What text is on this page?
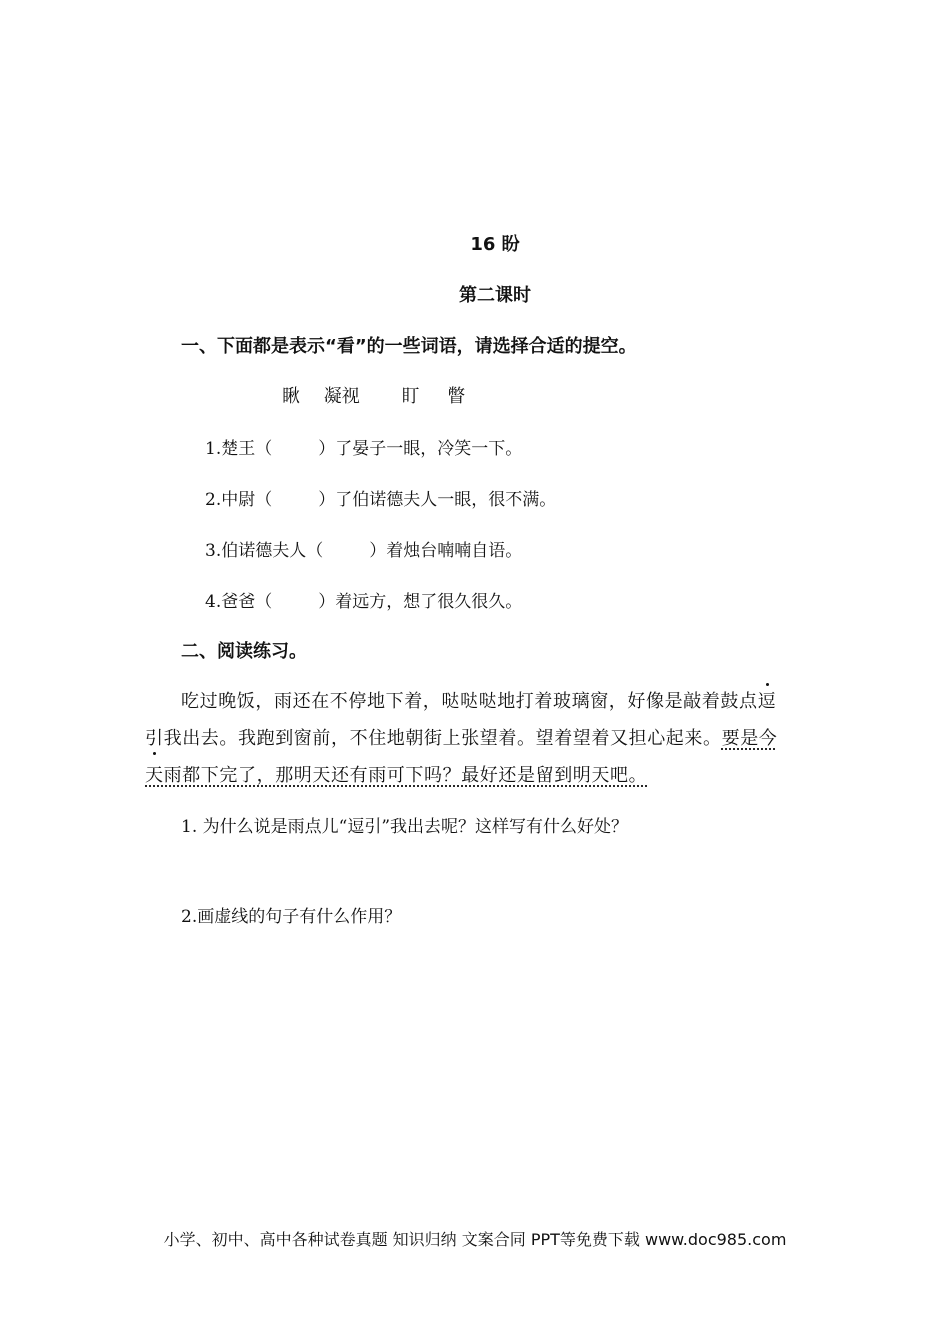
16 盼
第二课时
一、下面都是表示“看”的一些词语，请选择合适的提空。
瞅 凝视 盯 瞥
1.楚王（	）了晏子一眼，冷笑一下。
2.中尉（	）了伯诺德夫人一眼，很不满。
3.伯诺德夫人（	）着烛台喃喃自语。
4.爸爸（	）着远方，想了很久很久。
二、阅读练习。
吃过晚饭，雨还在不停地下着，哒哒哒地打着玻璃窗，好像是敲着鼓点逗
引我出去。我跑到窗前，不住地朝街上张望着。望着望着又担心起来。要是今
天雨都下完了，那明天还有雨可下吗？最好还是留到明天吧。
1. 为什么说是雨点儿“逗引”我出去呢？这样写有什么好处？
2.画虚线的句子有什么作用？
小学、初中、高中各种试卷真题 知识归纳 文案合同 PPT等免费下载 www.doc985.com
